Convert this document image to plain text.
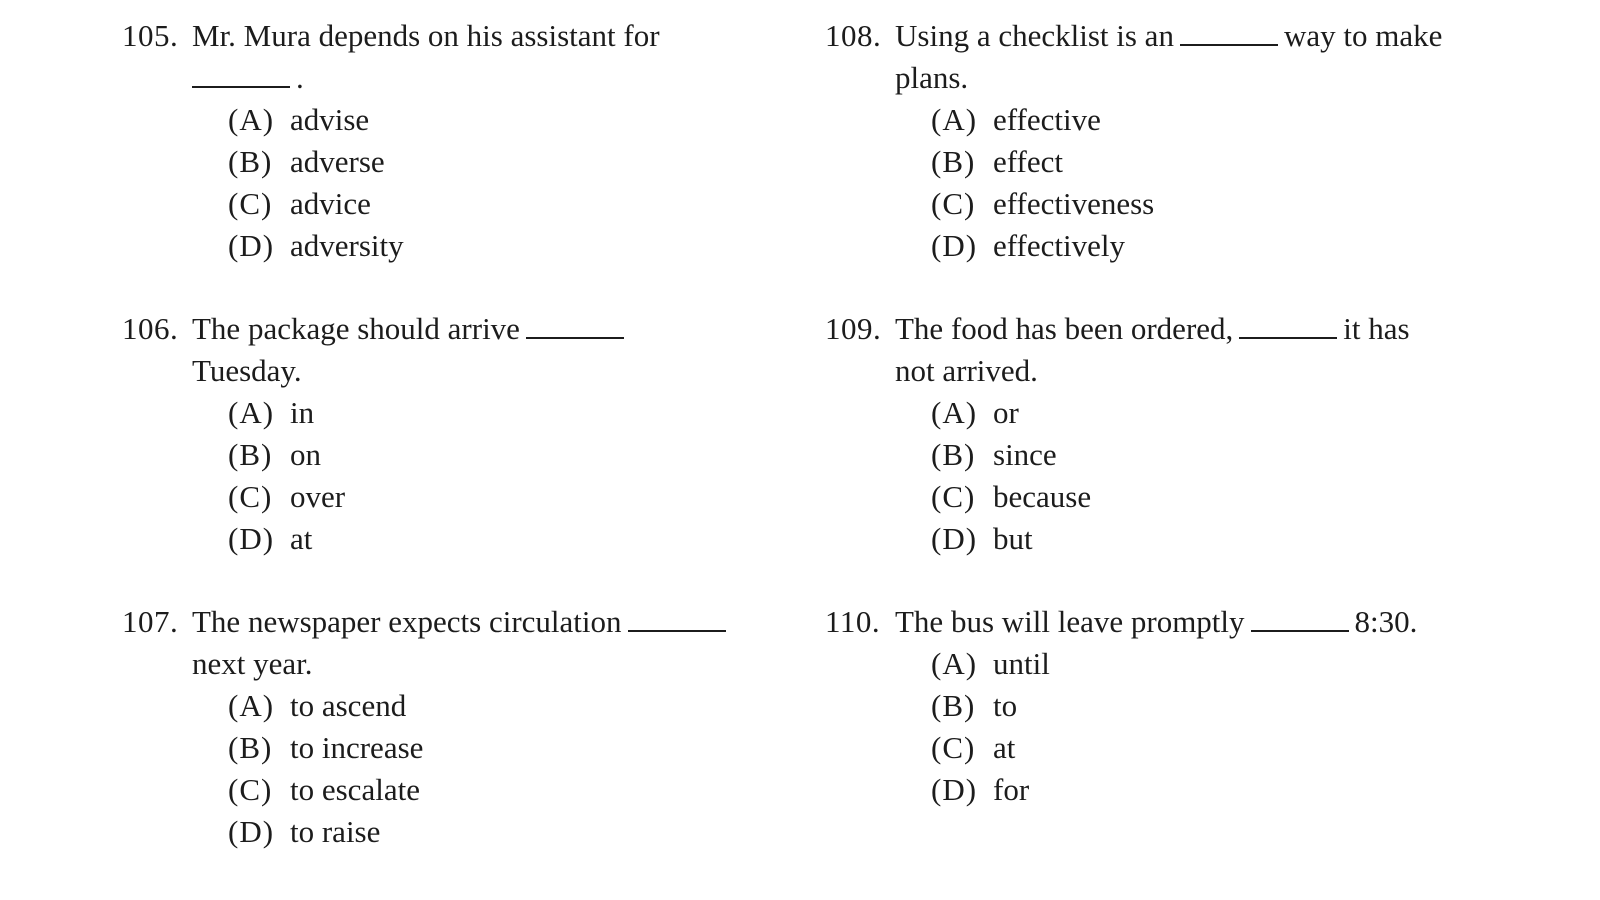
105. Mr. Mura depends on his assistant for
.
(A) advise
(B) adverse
(C) advice
(D) adversity
106. The package should arrive
Tuesday.
(A) in
(B) on
(C) over
(D) at
107. The newspaper expects circulation
next year.
(A) to ascend
(B) to increase
(C) to escalate
(D) to raise
108. Using a checklist is an	way to make plans.
(A) effective
(B) effect
(C) effectiveness
(D) effectively
109. The food has been ordered,	it has not arrived.
(A) or
(B) since
(C) because
(D) but
110. The bus will leave promptly	8:30.
(A) until
(B) to
(C) at
(D) for
